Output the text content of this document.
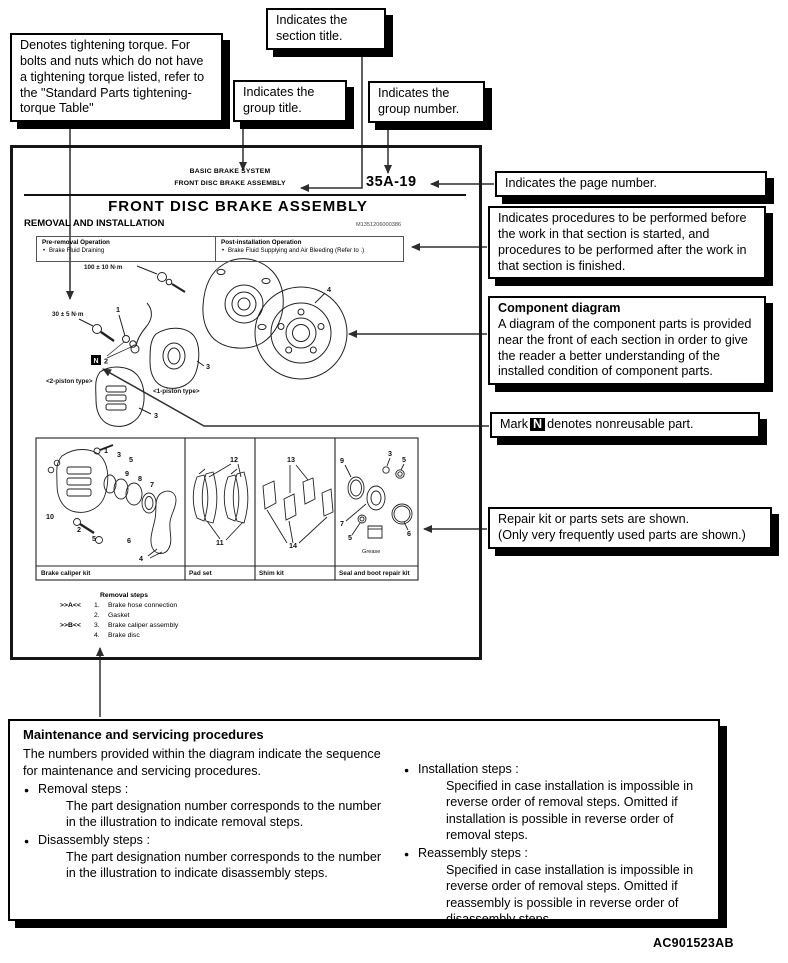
100 ± 10 N·m
30 ± 5 N·m
1
3
3
4
N 2
<2-piston type>
<1-piston type>
1 3
5
9
8
7
10
2
5	6
4
12
11
13
14
9
3
5
7
5	6
Grease
Brake caliper kit	Pad set	Shim kit	Seal and boot repair kit
Denotes tightening torque. For bolts and nuts which do not have a tightening torque listed, refer to the "Standard Parts tightening-torque Table"
Indicates the section title.
Indicates the group title.
Indicates the group number.
Indicates the page number.
Indicates procedures to be performed before the work in that section is started, and procedures to be performed after the work in that section is finished.
Component diagram
A diagram of the component parts is provided near the front of each section in order to give the reader a better understanding of the installed condition of component parts.
Mark N denotes nonreusable part.
Repair kit or parts sets are shown.
(Only very frequently used parts are shown.)
BASIC BRAKE SYSTEM
FRONT DISC BRAKE ASSEMBLY	35A-19
FRONT DISC BRAKE ASSEMBLY
REMOVAL AND INSTALLATION	M1351206000386
Pre-removal Operation
• Brake Fluid Draining
Post-installation Operation
• Brake Fluid Supplying and Air Bleeding (Refer to .)
Removal steps
>>A<<	1.	Brake hose connection
2.	Gasket
>>B<<	3.	Brake caliper assembly
4.	Brake disc
Maintenance and servicing procedures
The numbers provided within the diagram indicate the sequence for maintenance and servicing procedures.
● Removal steps :
The part designation number corresponds to the number in the illustration to indicate removal steps.
● Disassembly steps :
The part designation number corresponds to the number in the illustration to indicate disassembly steps.
● Installation steps :
Specified in case installation is impossible in reverse order of removal steps. Omitted if installation is possible in reverse order of removal steps.
● Reassembly steps :
Specified in case installation is impossible in reverse order of removal steps. Omitted if reassembly is possible in reverse order of disassembly steps.
AC901523AB
